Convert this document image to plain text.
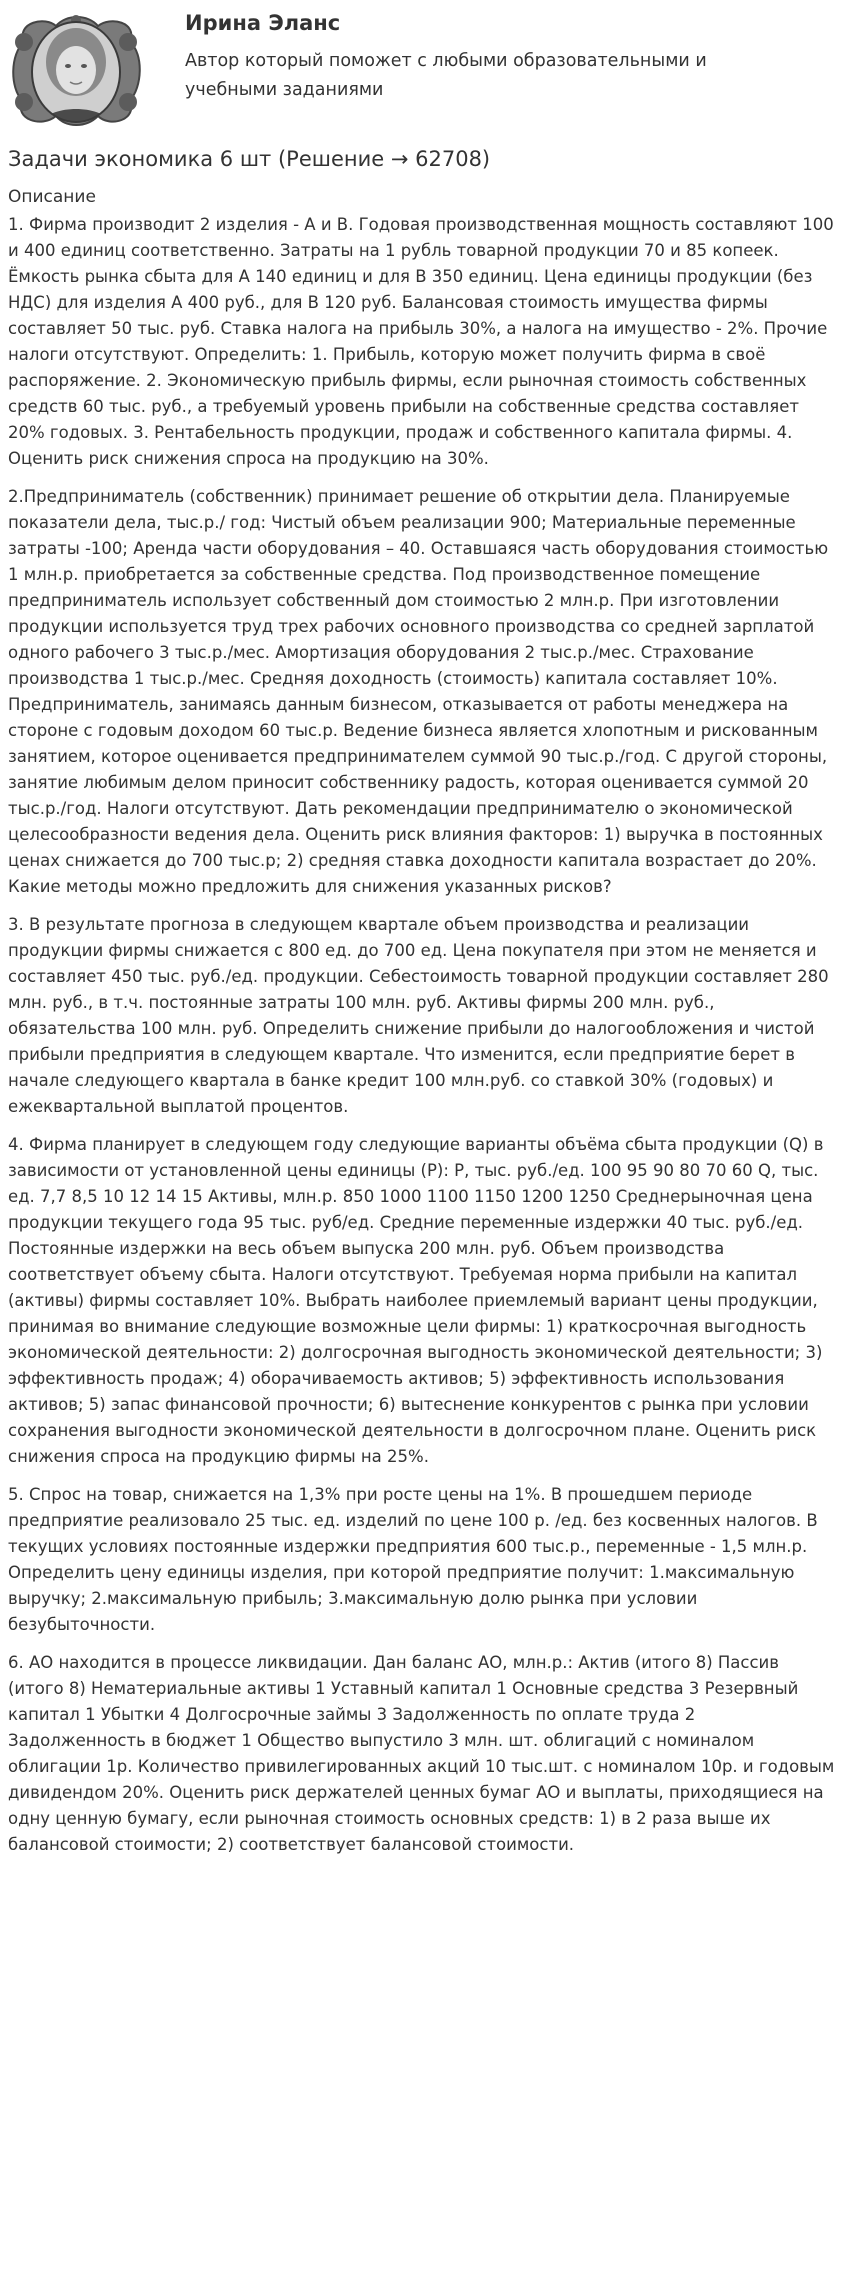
Ирина Эланс
Автор который поможет с любыми образовательными и учебными заданиями
Задачи экономика 6 шт (Решение → 62708)
Описание

1. Фирма производит 2 изделия - А и В. Годовая производственная мощность составляют 100 и 400 единиц соответственно. Затраты на 1 рубль товарной продукции 70 и 85 копеек. Ёмкость рынка сбыта для А 140 единиц и для В 350 единиц. Цена единицы продукции (без НДС) для изделия А 400 руб., для В 120 руб. Балансовая стоимость имущества фирмы составляет 50 тыс. руб. Ставка налога на прибыль 30%, а налога на имущество - 2%. Прочие налоги отсутствуют. Определить: 1. Прибыль, которую может получить фирма в своё распоряжение. 2. Экономическую прибыль фирмы, если рыночная стоимость собственных средств 60 тыс. руб., а требуемый уровень прибыли на собственные средства составляет 20% годовых. 3. Рентабельность продукции, продаж и собственного капитала фирмы. 4. Оценить риск снижения спроса на продукцию на 30%.

2.Предприниматель (собственник) принимает решение об открытии дела. Планируемые показатели дела, тыс.р./ год: Чистый объем реализации 900; Материальные переменные затраты -100; Аренда части оборудования – 40. Оставшаяся часть оборудования стоимостью 1 млн.р. приобретается за собственные средства. Под производственное помещение предприниматель использует собственный дом стоимостью 2 млн.р. При изготовлении продукции используется труд трех рабочих основного производства со средней зарплатой одного рабочего 3 тыс.р./мес. Амортизация оборудования 2 тыс.р./мес. Страхование производства 1 тыс.р./мес. Средняя доходность (стоимость) капитала составляет 10%. Предприниматель, занимаясь данным бизнесом, отказывается от работы менеджера на стороне с годовым доходом 60 тыс.р. Ведение бизнеса является хлопотным и рискованным занятием, которое оценивается предпринимателем суммой 90 тыс.р./год. С другой стороны, занятие любимым делом приносит собственнику радость, которая оценивается суммой 20 тыс.р./год. Налоги отсутствуют. Дать рекомендации предпринимателю о экономической целесообразности ведения дела. Оценить риск влияния факторов: 1) выручка в постоянных ценах снижается до 700 тыс.р; 2) средняя ставка доходности капитала возрастает до 20%. Какие методы можно предложить для снижения указанных рисков?

3. В результате прогноза в следующем квартале объем производства и реализации продукции фирмы снижается с 800 ед. до 700 ед. Цена покупателя при этом не меняется и составляет 450 тыс. руб./ед. продукции. Себестоимость товарной продукции составляет 280 млн. руб., в т.ч. постоянные затраты 100 млн. руб. Активы фирмы 200 млн. руб., обязательства 100 млн. руб. Определить снижение прибыли до налогообложения и чистой прибыли предприятия в следующем квартале. Что изменится, если предприятие берет в начале следующего квартала в банке кредит 100 млн.руб. со ставкой 30% (годовых) и ежеквартальной выплатой процентов.

4. Фирма планирует в следующем году следующие варианты объёма сбыта продукции (Q) в зависимости от установленной цены единицы (Р): Р, тыс. руб./ед. 100 95 90 80 70 60 Q, тыс. ед. 7,7 8,5 10 12 14 15 Активы, млн.р. 850 1000 1100 1150 1200 1250 Среднерыночная цена продукции текущего года 95 тыс. руб/ед. Средние переменные издержки 40 тыс. руб./ед. Постоянные издержки на весь объем выпуска 200 млн. руб. Объем производства соответствует объему сбыта. Налоги отсутствуют. Требуемая норма прибыли на капитал (активы) фирмы составляет 10%. Выбрать наиболее приемлемый вариант цены продукции, принимая во внимание следующие возможные цели фирмы: 1) краткосрочная выгодность экономической деятельности: 2) долгосрочная выгодность экономической деятельности; 3) эффективность продаж; 4) оборачиваемость активов; 5) эффективность использования активов; 5) запас финансовой прочности; 6) вытеснение конкурентов с рынка при условии сохранения выгодности экономической деятельности в долгосрочном плане. Оценить риск снижения спроса на продукцию фирмы на 25%.

5. Спрос на товар, снижается на 1,3% при росте цены на 1%. В прошедшем периоде предприятие реализовало 25 тыс. ед. изделий по цене 100 р. /ед. без косвенных налогов. В текущих условиях постоянные издержки предприятия 600 тыс.р., переменные - 1,5 млн.р. Определить цену единицы изделия, при которой предприятие получит: 1.максимальную выручку; 2.максимальную прибыль; 3.максимальную долю рынка при условии безубыточности.

6. АО находится в процессе ликвидации. Дан баланс АО, млн.р.: Актив (итого 8) Пассив (итого 8) Нематериальные активы 1 Уставный капитал 1 Основные средства 3 Резервный капитал 1 Убытки 4 Долгосрочные займы 3 Задолженность по оплате труда 2 Задолженность в бюджет 1 Общество выпустило 3 млн. шт. облигаций с номиналом облигации 1р. Количество привилегированных акций 10 тыс.шт. с номиналом 10р. и годовым дивидендом 20%. Оценить риск держателей ценных бумаг АО и выплаты, приходящиеся на одну ценную бумагу, если рыночная стоимость основных средств: 1) в 2 раза выше их балансовой стоимости; 2) соответствует балансовой стоимости.
